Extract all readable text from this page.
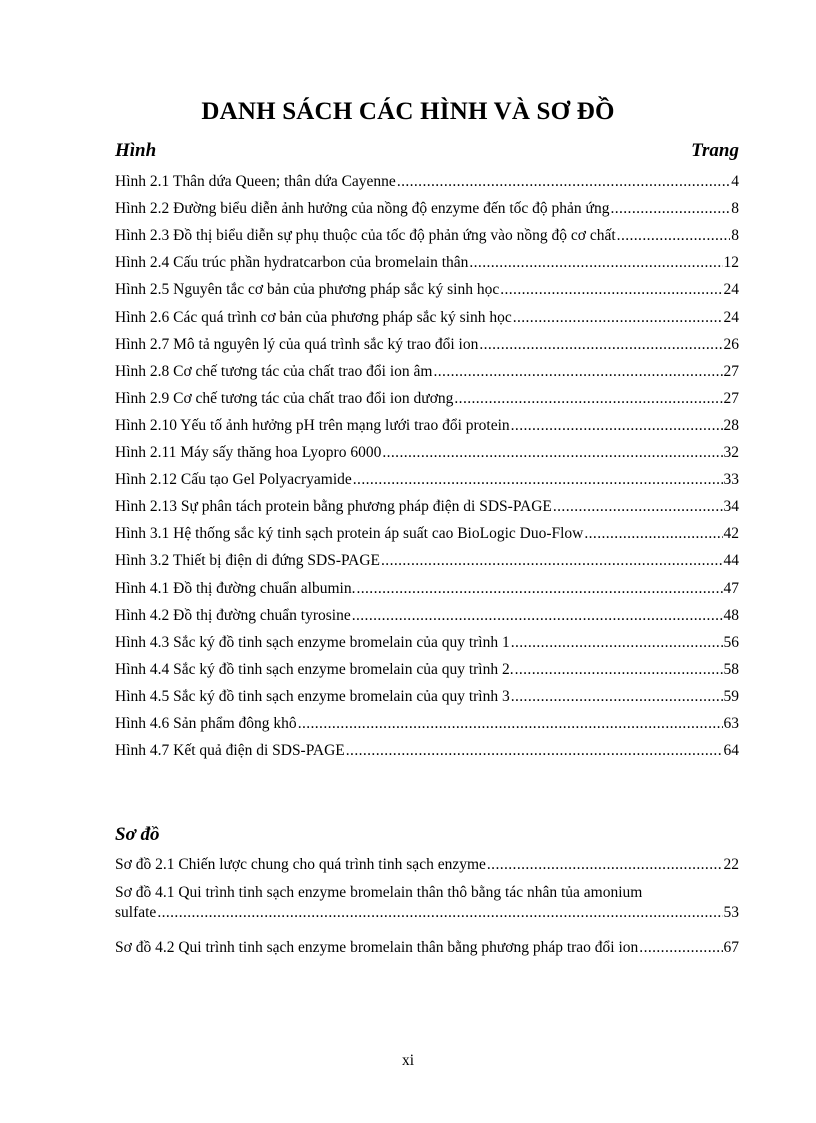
DANH SÁCH CÁC HÌNH VÀ SƠ ĐỒ
Hình	Trang
Hình 2.1 Thân dứa Queen; thân dứa Cayenne .....	4
Hình 2.2 Đường biểu diễn ảnh hưởng của nồng độ enzyme đến tốc độ phản ứng .....	8
Hình 2.3 Đồ thị biểu diễn sự phụ thuộc của tốc độ phản ứng vào nồng độ cơ chất .....	8
Hình 2.4 Cấu trúc phần hydratcarbon của bromelain thân .....	12
Hình 2.5 Nguyên tắc cơ bản của phương pháp sắc ký sinh học .....	24
Hình 2.6 Các quá trình cơ bản của phương pháp sắc ký sinh học .....	24
Hình 2.7 Mô tả nguyên lý của quá trình sắc ký trao đổi ion .....	26
Hình 2.8 Cơ chế tương tác của chất trao đổi ion âm .....	27
Hình 2.9 Cơ chế tương tác của chất trao đổi ion dương .....	27
Hình 2.10 Yếu tố ảnh hưởng pH trên mạng lưới trao đổi protein .....	28
Hình 2.11 Máy sấy thăng hoa Lyopro 6000 .....	32
Hình 2.12 Cấu tạo Gel Polyacryamide .....	33
Hình 2.13 Sự phân tách protein bằng phương pháp điện di SDS-PAGE .....	34
Hình 3.1 Hệ thống sắc ký tinh sạch protein áp suất cao BioLogic Duo-Flow .....	42
Hình 3.2 Thiết bị điện di đứng SDS-PAGE .....	44
Hình 4.1 Đồ thị đường chuẩn albumin. .....	47
Hình 4.2 Đồ thị đường chuẩn tyrosine .....	48
Hình 4.3 Sắc ký đồ tinh sạch enzyme bromelain của quy trình 1 .....	56
Hình 4.4 Sắc ký đồ tinh sạch enzyme bromelain của quy trình 2. .....	58
Hình 4.5 Sắc ký đồ tinh sạch enzyme bromelain của quy trình 3 .....	59
Hình 4.6 Sản phẩm đông khô .....	63
Hình 4.7 Kết quả điện di SDS-PAGE .....	64
Sơ đồ
Sơ đồ 2.1 Chiến lược chung cho quá trình tinh sạch enzyme .....	22
Sơ đồ 4.1 Qui trình tinh sạch enzyme bromelain thân thô bằng tác nhân tủa amonium
sulfate .....	53
Sơ đồ 4.2 Qui trình tinh sạch enzyme bromelain thân bằng phương pháp trao đổi ion .....	67
xi
